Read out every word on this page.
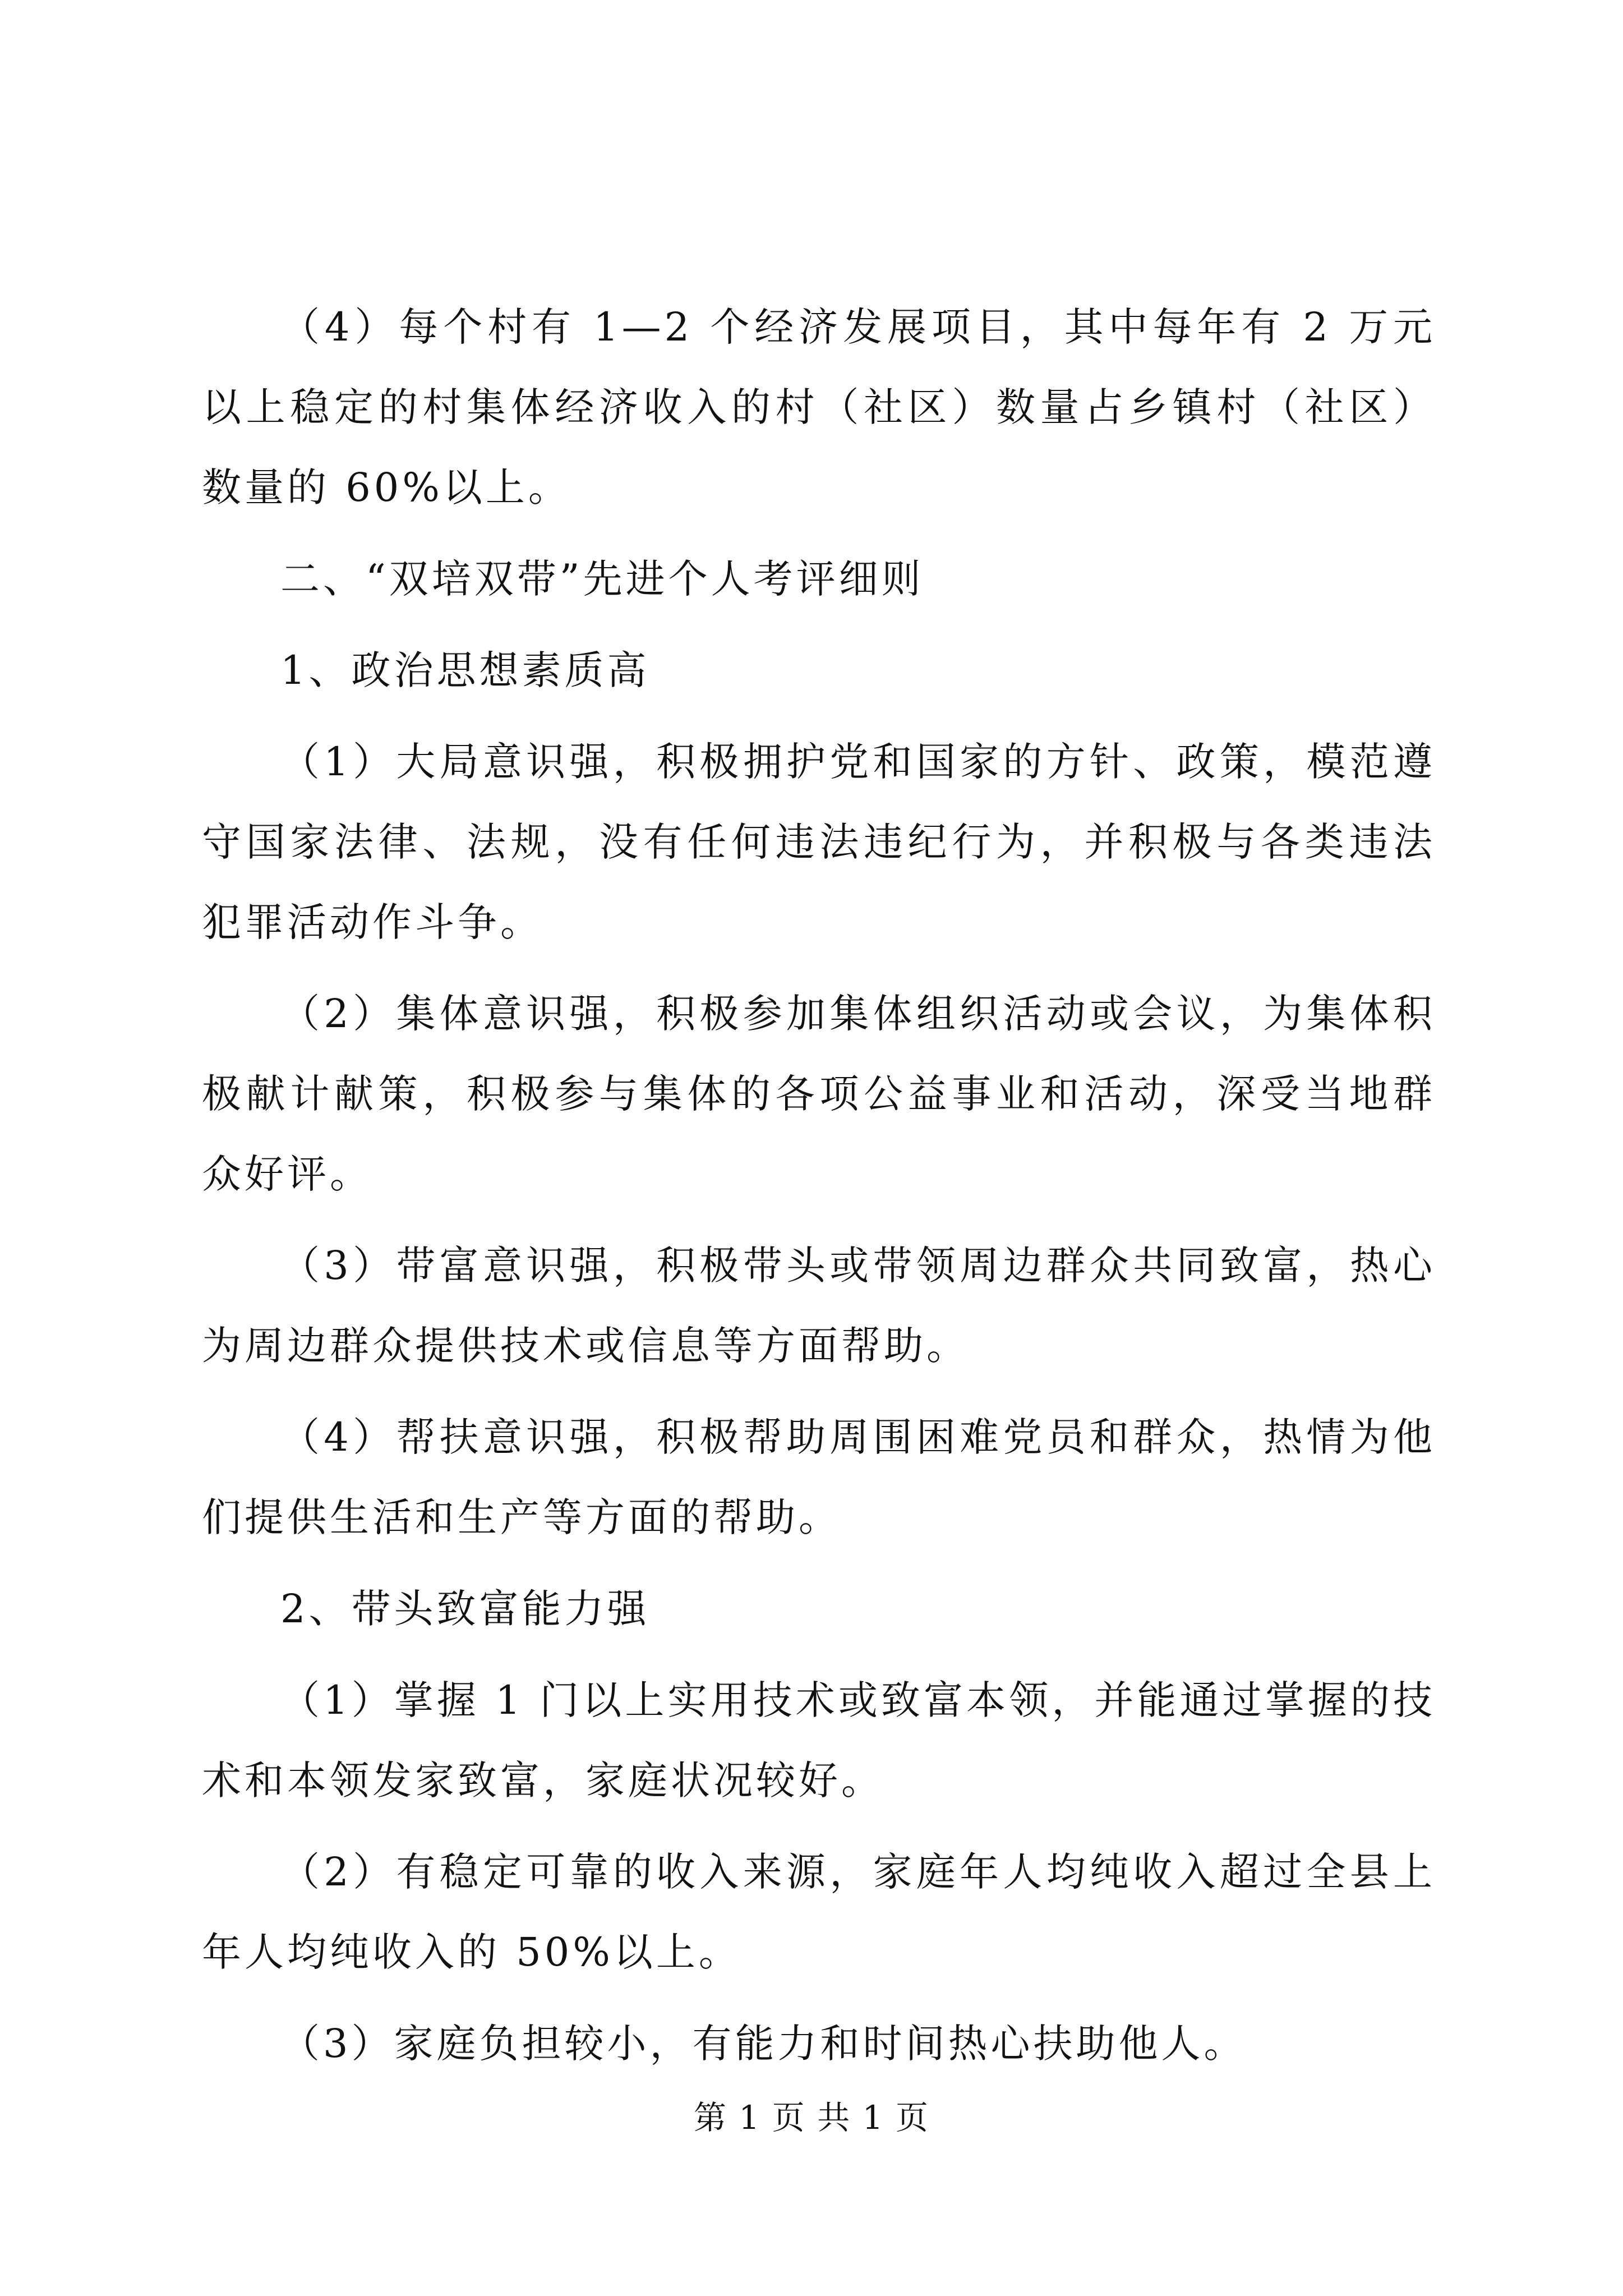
（4）每个村有 1—2 个经济发展项目，其中每年有 2 万元以上稳定的村集体经济收入的村（社区）数量占乡镇村（社区）数量的 60%以上。

二、“双培双带”先进个人考评细则

1、政治思想素质高

（1）大局意识强，积极拥护党和国家的方针、政策，模范遵守国家法律、法规，没有任何违法违纪行为，并积极与各类违法犯罪活动作斗争。

（2）集体意识强，积极参加集体组织活动或会议，为集体积极献计献策，积极参与集体的各项公益事业和活动，深受当地群众好评。

（3）带富意识强，积极带头或带领周边群众共同致富，热心为周边群众提供技术或信息等方面帮助。

（4）帮扶意识强，积极帮助周围困难党员和群众，热情为他们提供生活和生产等方面的帮助。

2、带头致富能力强

（1）掌握 1 门以上实用技术或致富本领，并能通过掌握的技术和本领发家致富，家庭状况较好。

（2）有稳定可靠的收入来源，家庭年人均纯收入超过全县上年人均纯收入的 50%以上。

（3）家庭负担较小，有能力和时间热心扶助他人。

第 1 页 共 1 页
